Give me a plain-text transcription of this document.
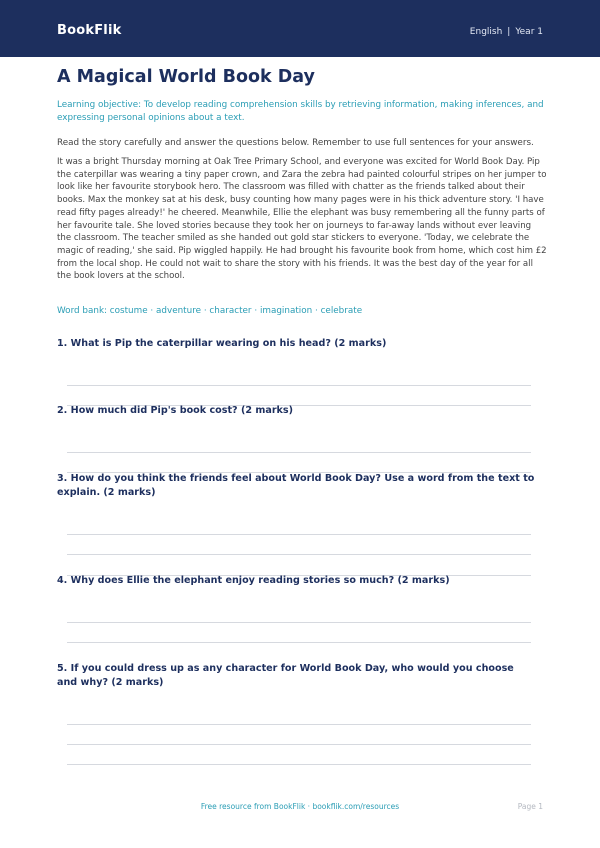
BookFlik	English | Year 1
A Magical World Book Day

Learning objective: To develop reading comprehension skills by retrieving information, making inferences, and expressing personal opinions about a text.

Read the story carefully and answer the questions below. Remember to use full sentences for your answers.

It was a bright Thursday morning at Oak Tree Primary School, and everyone was excited for World Book Day. Pip the caterpillar was wearing a tiny paper crown, and Zara the zebra had painted colourful stripes on her jumper to look like her favourite storybook hero. The classroom was filled with chatter as the friends talked about their books. Max the monkey sat at his desk, busy counting how many pages were in his thick adventure story. 'I have read fifty pages already!' he cheered. Meanwhile, Ellie the elephant was busy remembering all the funny parts of her favourite tale. She loved stories because they took her on journeys to far-away lands without ever leaving the classroom. The teacher smiled as she handed out gold star stickers to everyone. 'Today, we celebrate the magic of reading,' she said. Pip wiggled happily. He had brought his favourite book from home, which cost him £2 from the local shop. He could not wait to share the story with his friends. It was the best day of the year for all the book lovers at the school.

Word bank: costume · adventure · character · imagination · celebrate

1. What is Pip the caterpillar wearing on his head? (2 marks)
2. How much did Pip's book cost? (2 marks)
3. How do you think the friends feel about World Book Day? Use a word from the text to explain. (2 marks)
4. Why does Ellie the elephant enjoy reading stories so much? (2 marks)
5. If you could dress up as any character for World Book Day, who would you choose and why? (2 marks)
Free resource from BookFlik · bookflik.com/resources	Page 1
